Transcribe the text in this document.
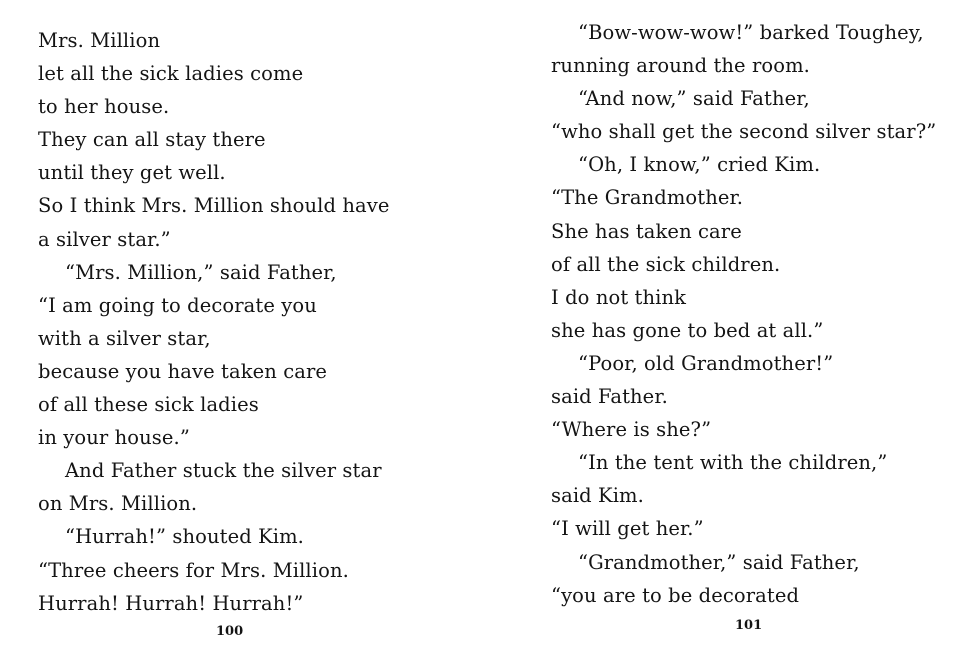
Mrs. Million
let all the sick ladies come
to her house.
They can all stay there
until they get well.
So I think Mrs. Million should have
a silver star.”
“Mrs. Million,” said Father,
“I am going to decorate you
with a silver star,
because you have taken care
of all these sick ladies
in your house.”
And Father stuck the silver star
on Mrs. Million.
“Hurrah!” shouted Kim.
“Three cheers for Mrs. Million.
Hurrah! Hurrah! Hurrah!”
100
“Bow-wow-wow!” barked Toughey,
running around the room.
“And now,” said Father,
“who shall get the second silver star?”
“Oh, I know,” cried Kim.
“The Grandmother.
She has taken care
of all the sick children.
I do not think
she has gone to bed at all.”
“Poor, old Grandmother!”
said Father.
“Where is she?”
“In the tent with the children,”
said Kim.
“I will get her.”
“Grandmother,” said Father,
“you are to be decorated
101
